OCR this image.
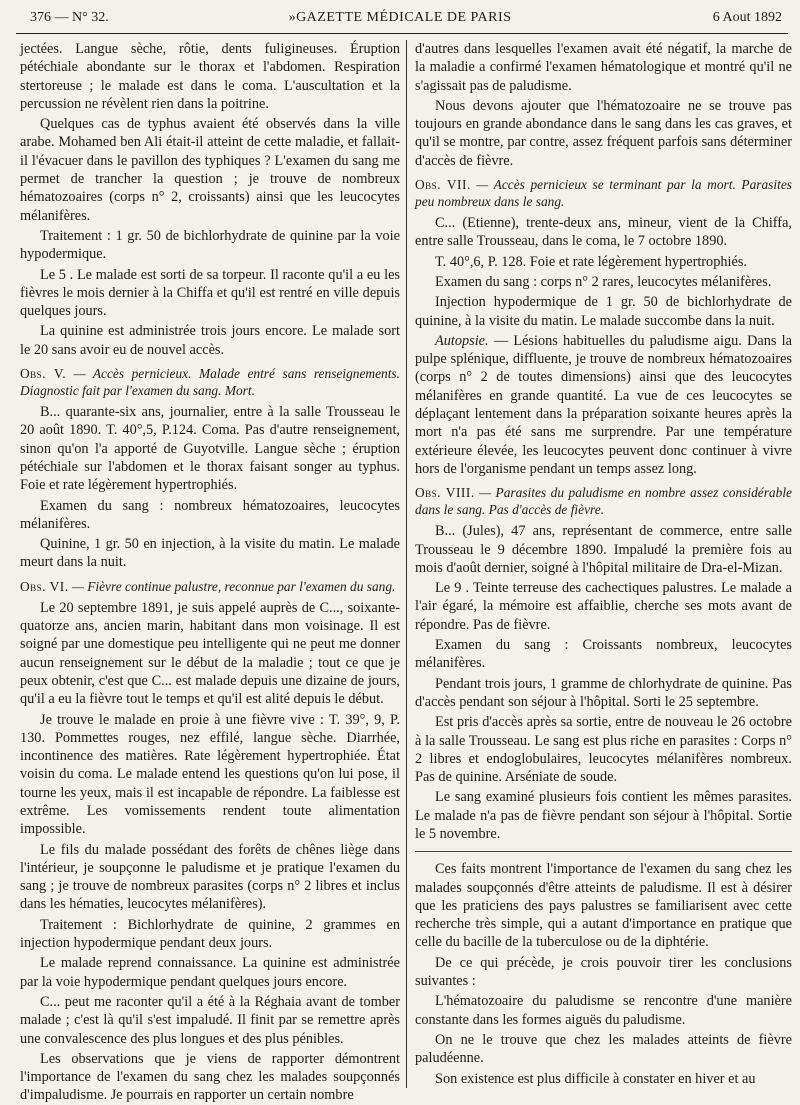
376 — N° 32.	»GAZETTE MÉDICALE DE PARIS	6 Aout 1892

jectées. Langue sèche, rôtie, dents fuligineuses. Éruption pétéchiale abondante sur le thorax et l'abdomen. Respiration stertoreuse ; le malade est dans le coma. L'auscultation et la percussion ne révèlent rien dans la poitrine.

Quelques cas de typhus avaient été observés dans la ville arabe. Mohamed ben Ali était-il atteint de cette maladie, et fallait-il l'évacuer dans le pavillon des typhiques ? L'examen du sang me permet de trancher la question ; je trouve de nombreux hématozoaires (corps n° 2, croissants) ainsi que les leucocytes mélanifères.

Traitement : 1 gr. 50 de bichlorhydrate de quinine par la voie hypodermique.

Le 5 . Le malade est sorti de sa torpeur. Il raconte qu'il a eu les fièvres le mois dernier à la Chiffa et qu'il est rentré en ville depuis quelques jours.

La quinine est administrée trois jours encore. Le malade sort le 20 sans avoir eu de nouvel accès.

Obs. V. — Accès pernicieux. Malade entré sans renseignements. Diagnostic fait par l'examen du sang. Mort.

B... quarante-six ans, journalier, entre à la salle Trousseau le 20 août 1890. T. 40°,5, P.124. Coma. Pas d'autre renseignement, sinon qu'on l'a apporté de Guyotville. Langue sèche ; éruption pétéchiale sur l'abdomen et le thorax faisant songer au typhus. Foie et rate légèrement hypertrophiés.

Examen du sang : nombreux hématozoaires, leucocytes mélanifères.

Quinine, 1 gr. 50 en injection, à la visite du matin. Le malade meurt dans la nuit.

Obs. VI. — Fièvre continue palustre, reconnue par l'examen du sang.

Le 20 septembre 1891, je suis appelé auprès de C..., soixante-quatorze ans, ancien marin, habitant dans mon voisinage. Il est soigné par une domestique peu intelligente qui ne peut me donner aucun renseignement sur le début de la maladie ; tout ce que je peux obtenir, c'est que C... est malade depuis une dizaine de jours, qu'il a eu la fièvre tout le temps et qu'il est alité depuis le début.

Je trouve le malade en proie à une fièvre vive : T. 39°, 9, P. 130. Pommettes rouges, nez effilé, langue sèche. Diarrhée, incontinence des matières. Rate légèrement hypertrophiée. État voisin du coma. Le malade entend les questions qu'on lui pose, il tourne les yeux, mais il est incapable de répondre. La faiblesse est extrême. Les vomissements rendent toute alimentation impossible.

Le fils du malade possédant des forêts de chênes liège dans l'intérieur, je soupçonne le paludisme et je pratique l'examen du sang ; je trouve de nombreux parasites (corps n° 2 libres et inclus dans les hématies, leucocytes mélanifères).

Traitement : Bichlorhydrate de quinine, 2 grammes en injection hypodermique pendant deux jours.

Le malade reprend connaissance. La quinine est administrée par la voie hypodermique pendant quelques jours encore.

C... peut me raconter qu'il a été à la Réghaia avant de tomber malade ; c'est là qu'il s'est impaludé. Il finit par se remettre après une convalescence des plus longues et des plus pénibles.

Les observations que je viens de rapporter démontrent l'importance de l'examen du sang chez les malades soupçonnés d'impaludisme. Je pourrais en rapporter un certain nombre

d'autres dans lesquelles l'examen avait été négatif, la marche de la maladie a confirmé l'examen hématologique et montré qu'il ne s'agissait pas de paludisme.

Nous devons ajouter que l'hématozoaire ne se trouve pas toujours en grande abondance dans le sang dans les cas graves, et qu'il se montre, par contre, assez fréquent parfois sans déterminer d'accès de fièvre.

Obs. VII. — Accès pernicieux se terminant par la mort. Parasites peu nombreux dans le sang.

C... (Etienne), trente-deux ans, mineur, vient de la Chiffa, entre salle Trousseau, dans le coma, le 7 octobre 1890.

T. 40°,6, P. 128. Foie et rate légèrement hypertrophiés.

Examen du sang : corps n° 2 rares, leucocytes mélanifères.

Injection hypodermique de 1 gr. 50 de bichlorhydrate de quinine, à la visite du matin. Le malade succombe dans la nuit.

Autopsie. — Lésions habituelles du paludisme aigu. Dans la pulpe splénique, diffluente, je trouve de nombreux hématozoaires (corps n° 2 de toutes dimensions) ainsi que des leucocytes mélanifères en grande quantité. La vue de ces leucocytes se déplaçant lentement dans la préparation soixante heures après la mort n'a pas été sans me surprendre. Par une température extérieure élevée, les leucocytes peuvent donc continuer à vivre hors de l'organisme pendant un temps assez long.

Obs. VIII. — Parasites du paludisme en nombre assez considérable dans le sang. Pas d'accès de fièvre.

B... (Jules), 47 ans, représentant de commerce, entre salle Trousseau le 9 décembre 1890. Impaludé la première fois au mois d'août dernier, soigné à l'hôpital militaire de Dra-el-Mizan.

Le 9 . Teinte terreuse des cachectiques palustres. Le malade a l'air égaré, la mémoire est affaiblie, cherche ses mots avant de répondre. Pas de fièvre.

Examen du sang : Croissants nombreux, leucocytes mélanifères.

Pendant trois jours, 1 gramme de chlorhydrate de quinine. Pas d'accès pendant son séjour à l'hôpital. Sorti le 25 septembre.

Est pris d'accès après sa sortie, entre de nouveau le 26 octobre à la salle Trousseau. Le sang est plus riche en parasites : Corps n° 2 libres et endoglobulaires, leucocytes mélanifères nombreux. Pas de quinine. Arséniate de soude.

Le sang examiné plusieurs fois contient les mêmes parasites. Le malade n'a pas de fièvre pendant son séjour à l'hôpital. Sortie le 5 novembre.

Ces faits montrent l'importance de l'examen du sang chez les malades soupçonnés d'être atteints de paludisme. Il est à désirer que les praticiens des pays palustres se familiarisent avec cette recherche très simple, qui a autant d'importance en pratique que celle du bacille de la tuberculose ou de la diphtérie.

De ce qui précède, je crois pouvoir tirer les conclusions suivantes :

L'hématozoaire du paludisme se rencontre d'une manière constante dans les formes aiguës du paludisme.

On ne le trouve que chez les malades atteints de fièvre paludéenne.

Son existence est plus difficile à constater en hiver et au
